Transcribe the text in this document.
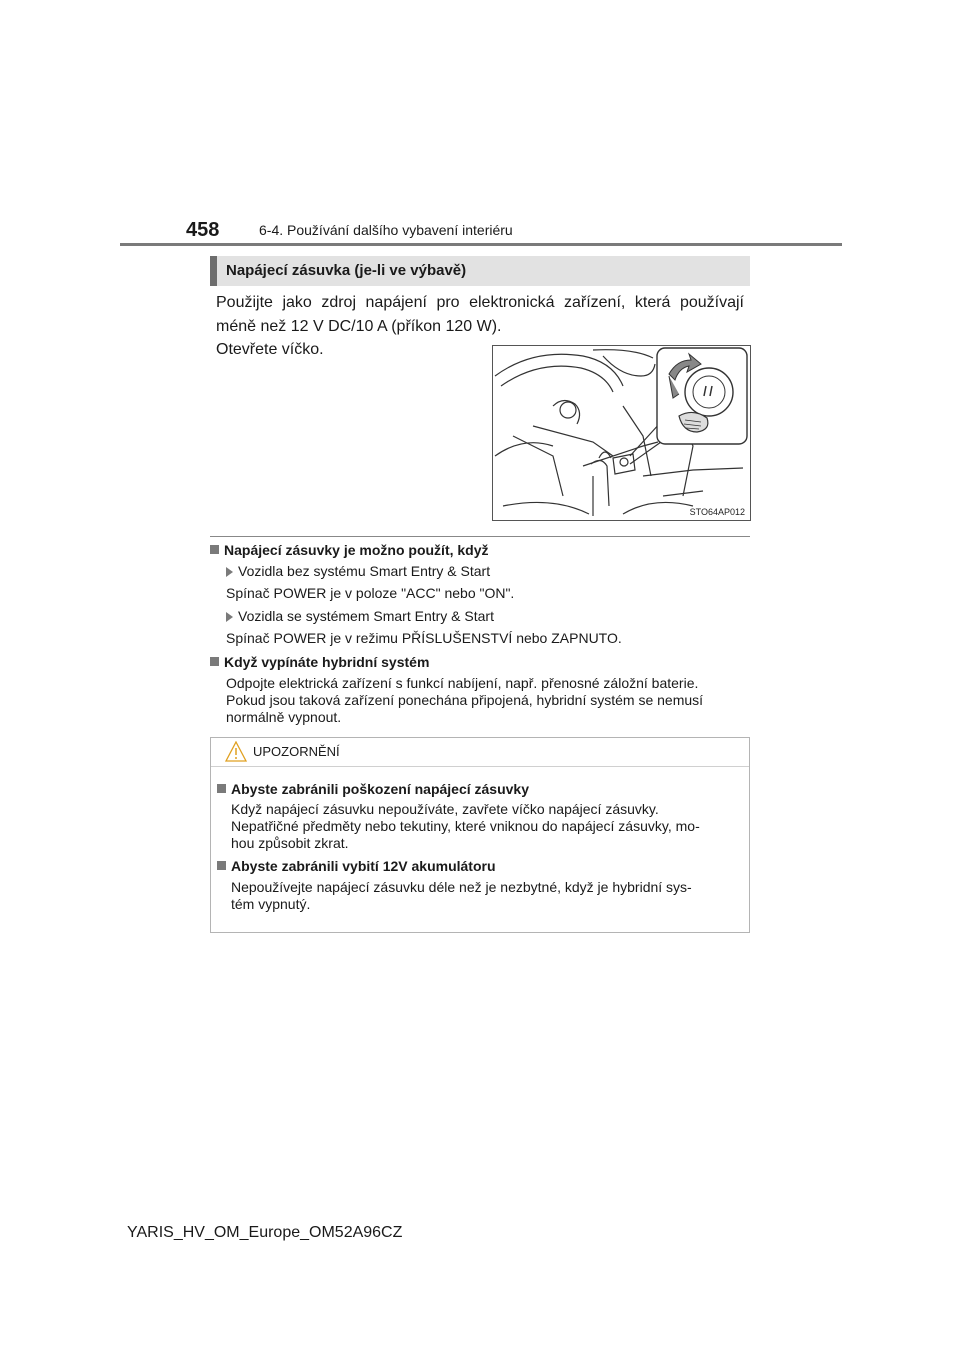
458	6-4. Používání dalšího vybavení interiéru
Napájecí zásuvka (je-li ve výbavě)
Použijte jako zdroj napájení pro elektronická zařízení, která používají méně než 12 V DC/10 A (příkon 120 W).
Otevřete víčko.
STO64AP012
Napájecí zásuvky je možno použít, když
Vozidla bez systému Smart Entry & Start
Spínač POWER je v poloze "ACC" nebo "ON".
Vozidla se systémem Smart Entry & Start
Spínač POWER je v režimu PŘÍSLUŠENSTVÍ nebo ZAPNUTO.
Když vypínáte hybridní systém
Odpojte elektrická zařízení s funkcí nabíjení, např. přenosné záložní baterie.
Pokud jsou taková zařízení ponechána připojená, hybridní systém se nemusí
normálně vypnout.
UPOZORNĚNÍ
Abyste zabránili poškození napájecí zásuvky
Když napájecí zásuvku nepoužíváte, zavřete víčko napájecí zásuvky.
Nepatřičné předměty nebo tekutiny, které vniknou do napájecí zásuvky, mo-
hou způsobit zkrat.
Abyste zabránili vybití 12V akumulátoru
Nepoužívejte napájecí zásuvku déle než je nezbytné, když je hybridní sys-
tém vypnutý.
YARIS_HV_OM_Europe_OM52A96CZ
